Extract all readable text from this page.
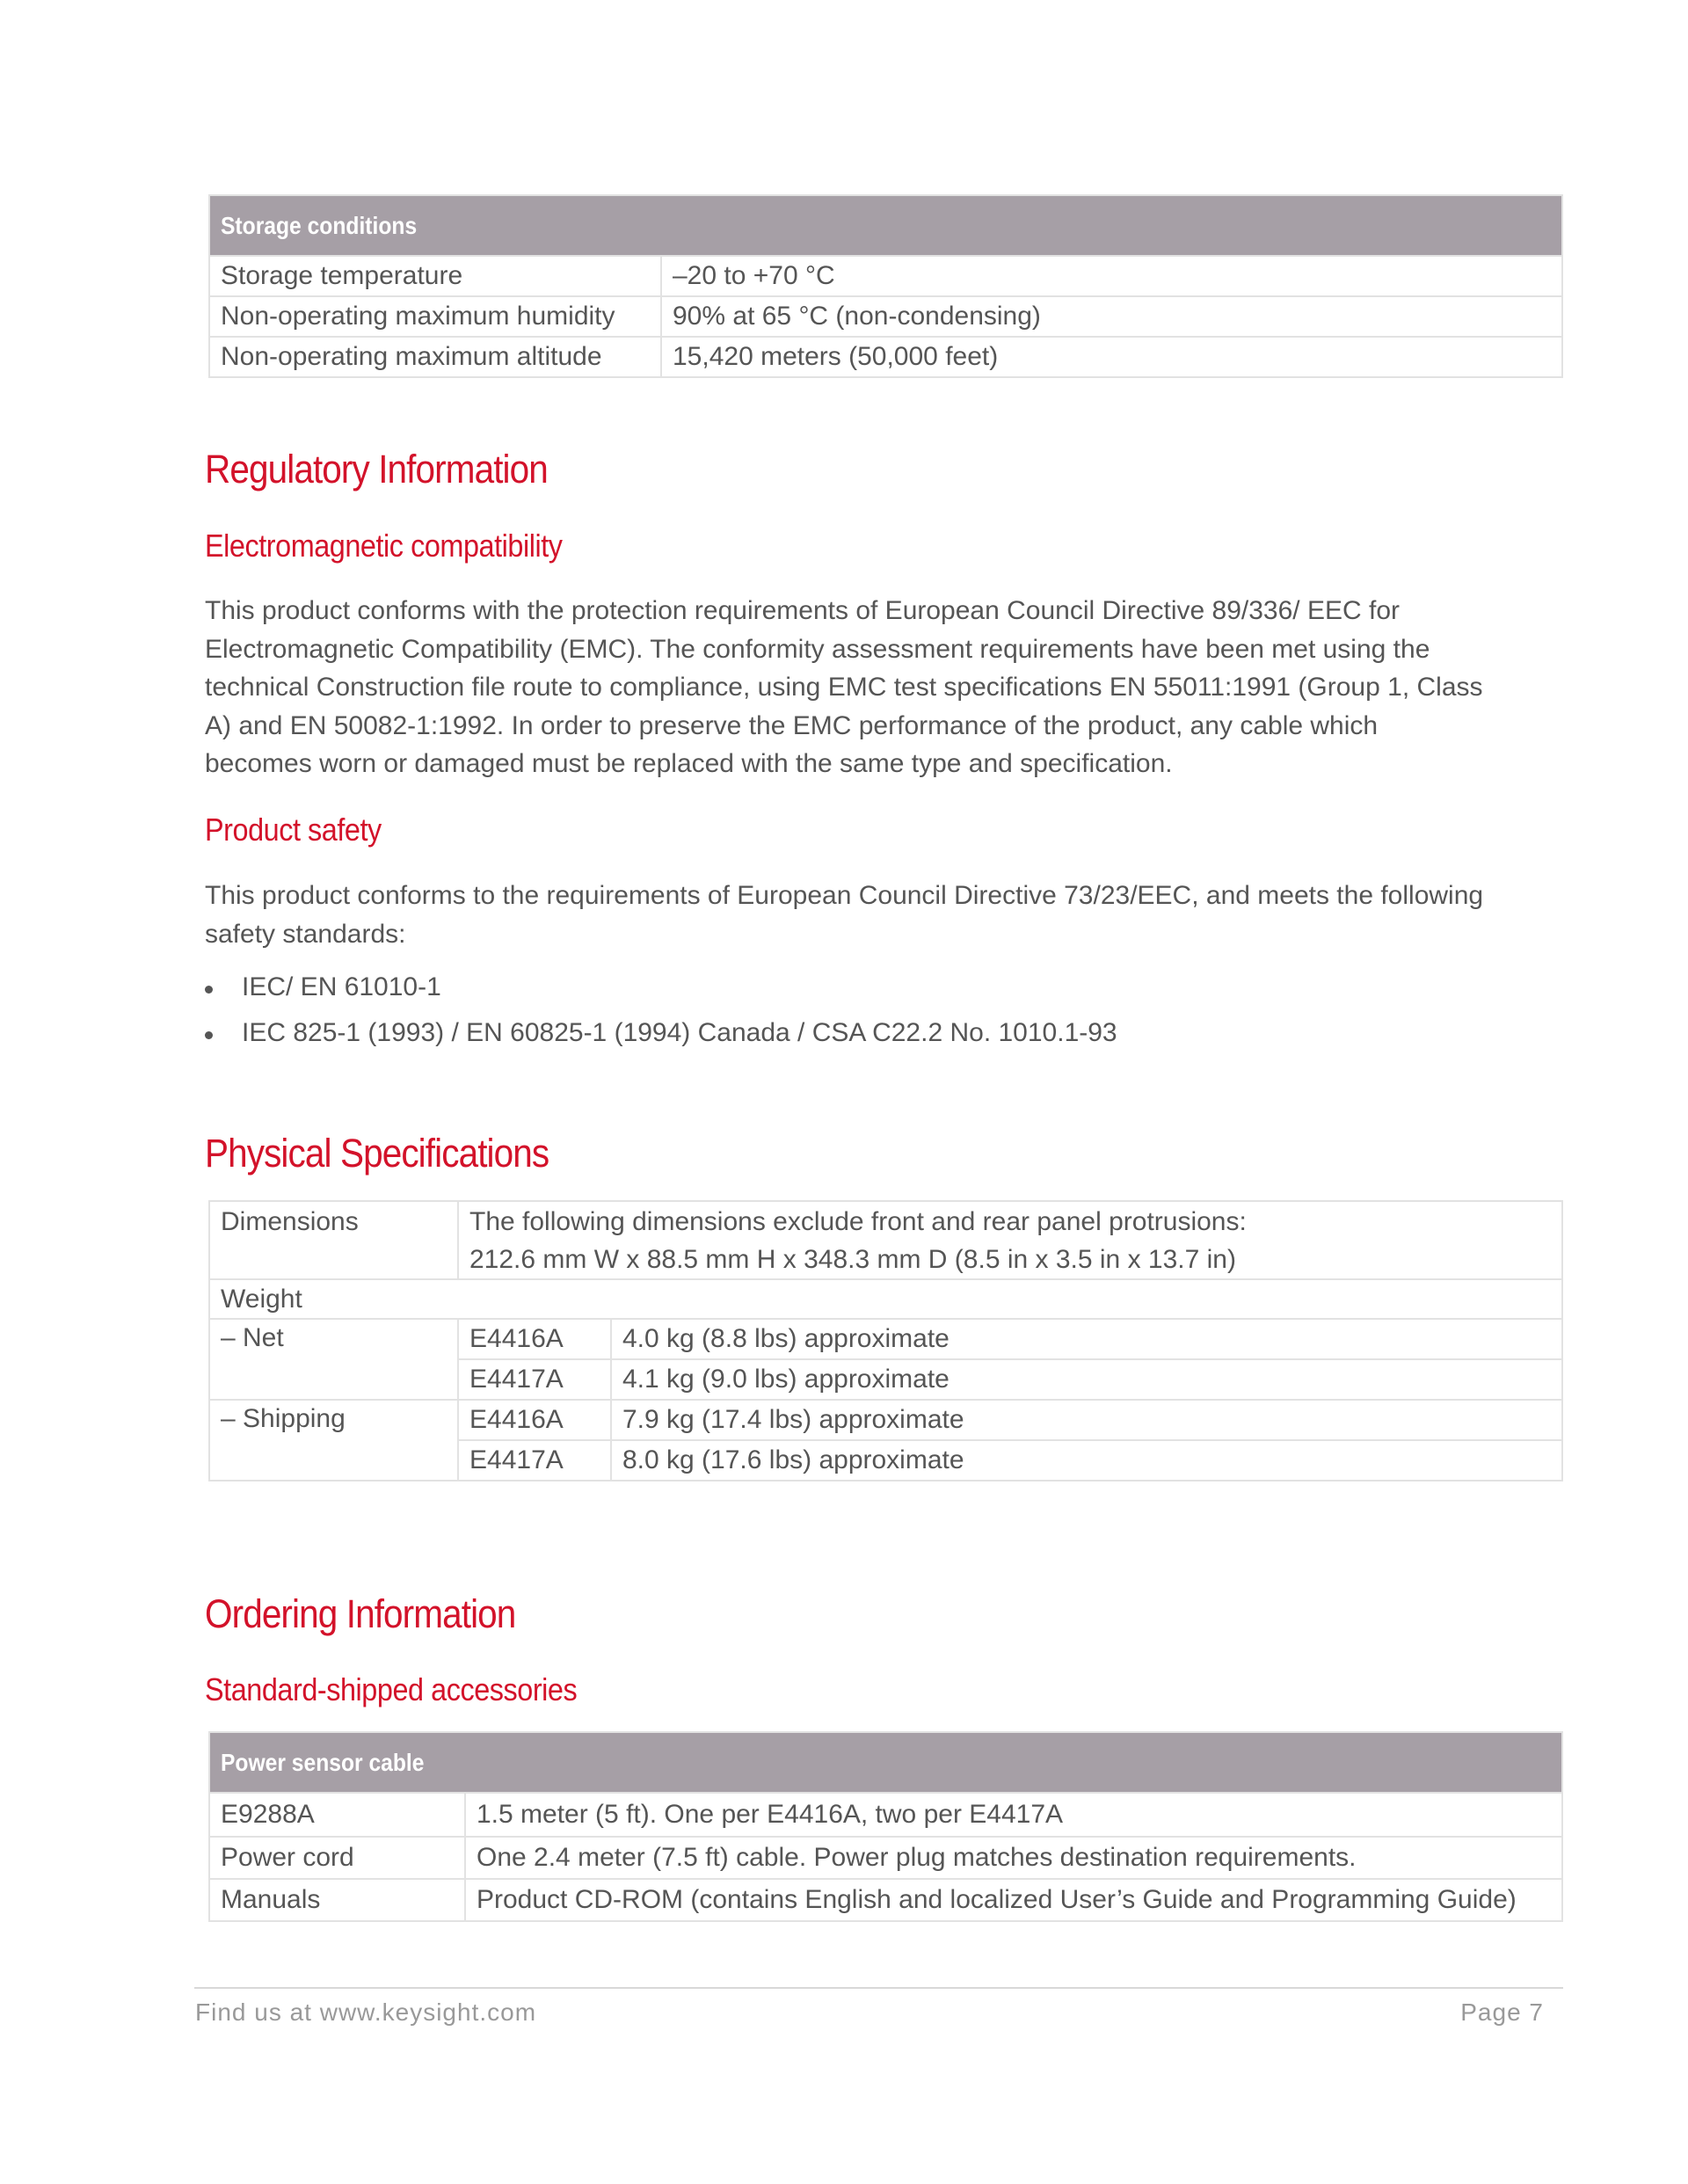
Storage conditions	
Storage temperature	–20 to +70 °C
Non-operating maximum humidity	90% at 65 °C (non-condensing)
Non-operating maximum altitude	15,420 meters (50,000 feet)
Regulatory Information
Electromagnetic compatibility
This product conforms with the protection requirements of European Council Directive 89/336/ EEC for Electromagnetic Compatibility (EMC). The conformity assessment requirements have been met using the technical Construction file route to compliance, using EMC test specifications EN 55011:1991 (Group 1, Class A) and EN 50082-1:1992. In order to preserve the EMC performance of the product, any cable which becomes worn or damaged must be replaced with the same type and specification.
Product safety
This product conforms to the requirements of European Council Directive 73/23/EEC, and meets the following safety standards:
IEC/ EN 61010-1
IEC 825-1 (1993) / EN 60825-1 (1994) Canada / CSA C22.2 No. 1010.1-93
Physical Specifications
Dimensions	The following dimensions exclude front and rear panel protrusions:
212.6 mm W x 88.5 mm H x 348.3 mm D (8.5 in x 3.5 in x 13.7 in)	

Weight		
– Net	E4416A	4.0 kg (8.8 lbs) approximate
	E4417A	4.1 kg (9.0 lbs) approximate
– Shipping	E4416A	7.9 kg (17.4 lbs) approximate
	E4417A	8.0 kg (17.6 lbs) approximate
Ordering Information
Standard-shipped accessories
Power sensor cable	
E9288A	1.5 meter (5 ft). One per E4416A, two per E4417A
Power cord	One 2.4 meter (7.5 ft) cable. Power plug matches destination requirements.
Manuals	Product CD-ROM (contains English and localized User’s Guide and Programming Guide)
Find us at www.keysight.com	Page 7
